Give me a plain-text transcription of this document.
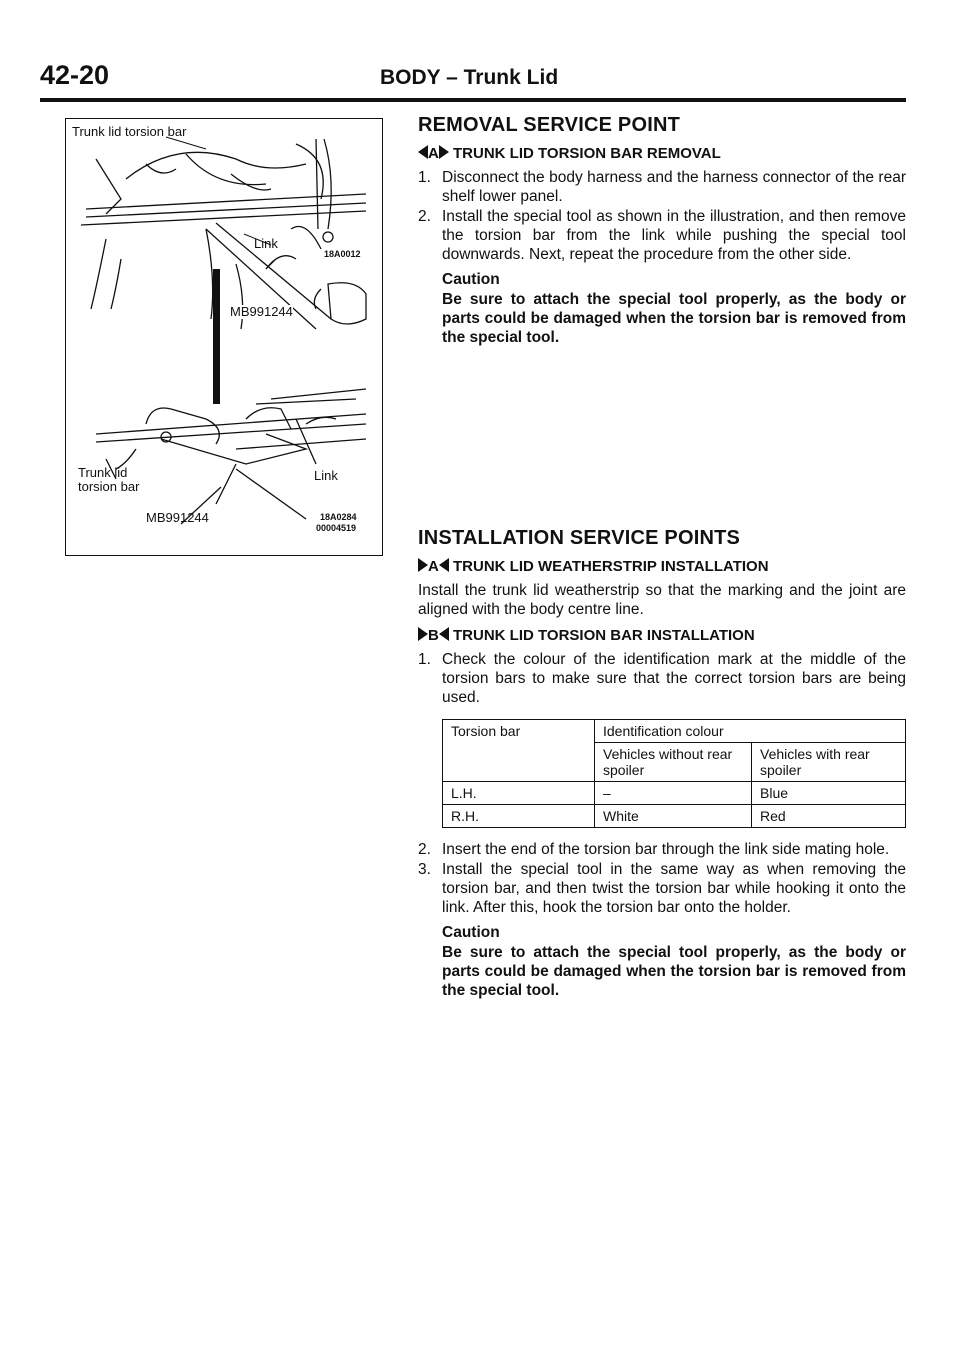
42-20	BODY – Trunk Lid
Trunk lid torsion bar
Link
MB991244
18A0012
Trunk lid
torsion bar
Link
MB991244	18A0284
00004519
REMOVAL SERVICE POINT
A TRUNK LID TORSION BAR REMOVAL
1. Disconnect the body harness and the harness connector of the rear shelf lower panel.
2. Install the special tool as shown in the illustration, and then remove the torsion bar from the link while pushing the special tool downwards. Next, repeat the procedure from the other side.
Caution
Be sure to attach the special tool properly, as the body or parts could be damaged when the torsion bar is removed from the special tool.
INSTALLATION SERVICE POINTS
A TRUNK LID WEATHERSTRIP INSTALLATION
Install the trunk lid weatherstrip so that the marking and the joint are aligned with the body centre line.
B TRUNK LID TORSION BAR INSTALLATION
1. Check the colour of the identification mark at the middle of the torsion bars to make sure that the correct torsion bars are being used.
Torsion bar	Identification colour	
	Vehicles without rear spoiler	Vehicles with rear spoiler
L.H.	–	Blue
R.H.	White	Red
2. Insert the end of the torsion bar through the link side mating hole.
3. Install the special tool in the same way as when removing the torsion bar, and then twist the torsion bar while hooking it onto the link. After this, hook the torsion bar onto the holder.
Caution
Be sure to attach the special tool properly, as the body or parts could be damaged when the torsion bar is removed from the special tool.
